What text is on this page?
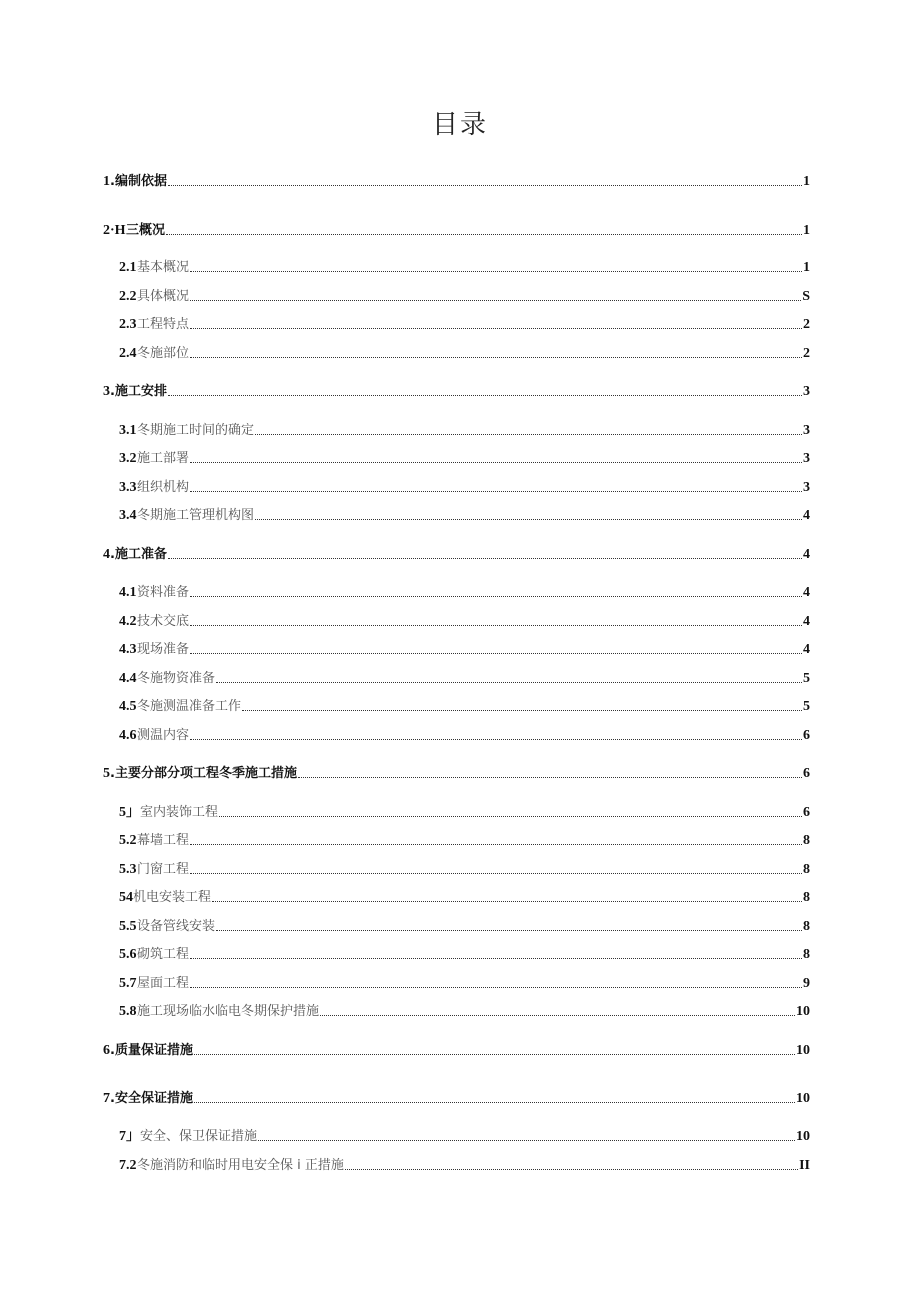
目录
1 .编制依据	1
2·H 三概况	1
2.1 基本概况	1
2.2 具体概况	S
2.3 工程特点	2
2.4 冬施部位	2
3 .施工安排	3
3.1 冬期施工时间的确定	3
3.2 施工部署	3
3.3 组织机构	3
3.4 冬期施工管理机构图	4
4 .施工准备	4
4.1 资料准备	4
4.2 技术交底	4
4.3 现场准备	4
4.4 冬施物资准备	5
4.5 冬施测温准备工作	5
4.6 测温内容	6
5 .主要分部分项工程冬季施工措施	6
5」 室内装饰工程	6
5.2 幕墙工程	8
5.3 门窗工程	8
54 机电安装工程	8
5.5 设备管线安装	8
5.6 砌筑工程	8
5.7 屋面工程	9
5.8 施工现场临水临电冬期保护措施	10
6 .质量保证措施	10
7 .安全保证措施	10
7」 安全、保卫保证措施	10
7.2 冬施消防和临时用电安全保 i 正措施	II
